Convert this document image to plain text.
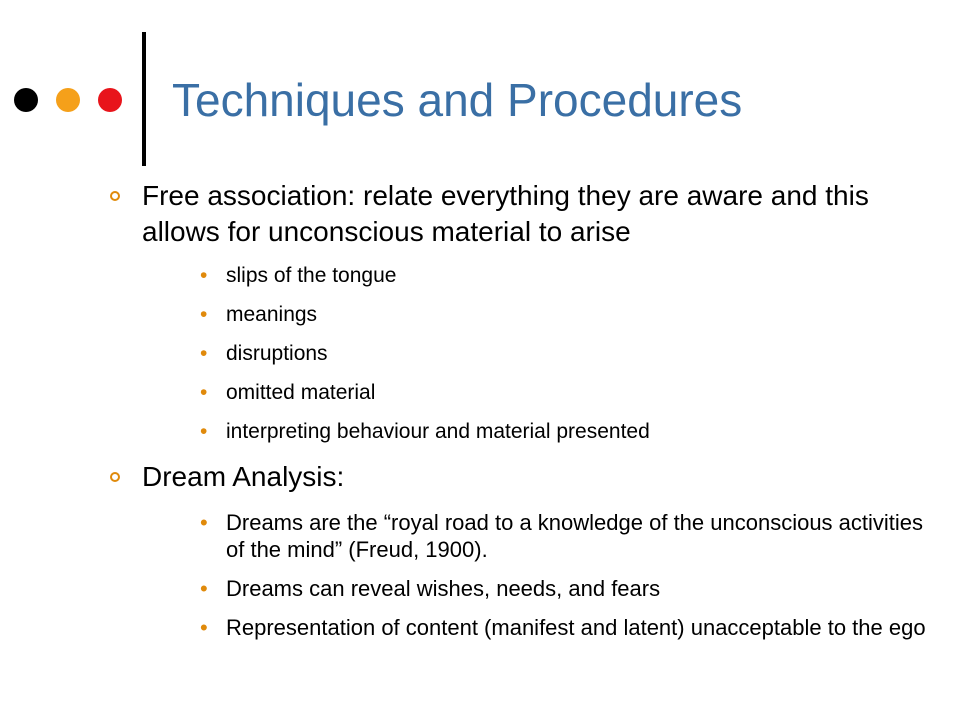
Techniques and Procedures

Free association: relate everything they are aware and this allows for unconscious material to arise

• slips of the tongue
• meanings
• disruptions
• omitted material
• interpreting behaviour and material presented

Dream Analysis:

• Dreams are the “royal road to a knowledge of the unconscious activities of the mind” (Freud, 1900).
• Dreams can reveal wishes, needs, and fears
• Representation of content (manifest and latent) unacceptable to the ego
